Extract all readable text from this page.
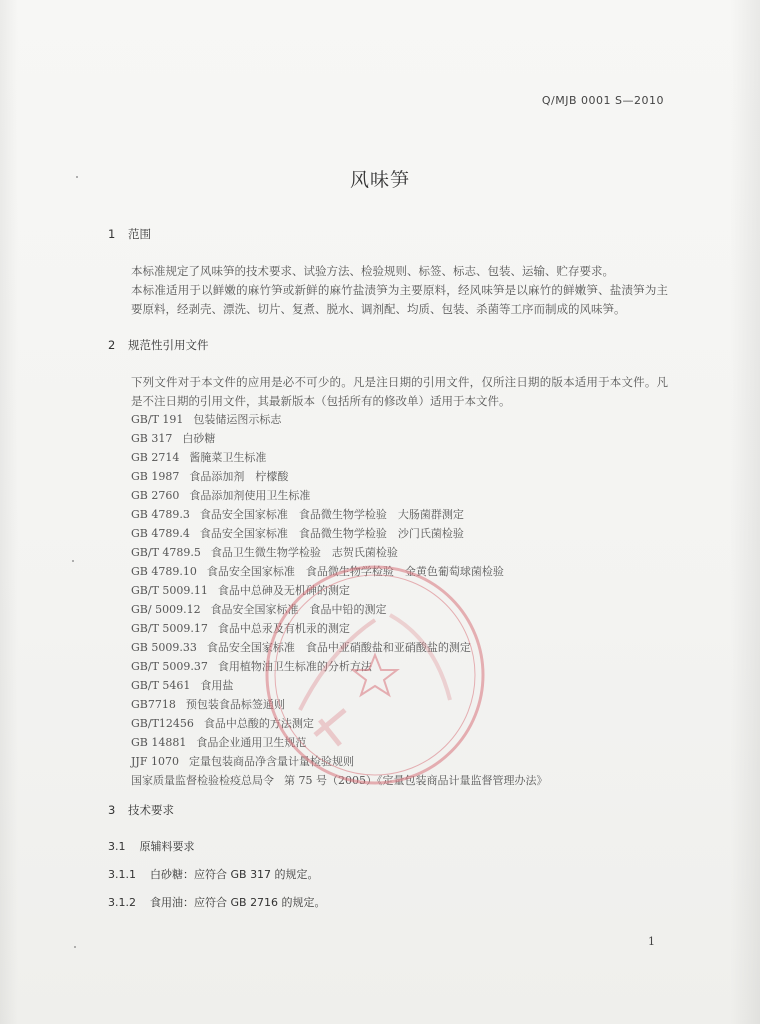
Q/MJB 0001 S—2010
风味笋
1 范围
本标准规定了风味笋的技术要求、试验方法、检验规则、标签、标志、包装、运输、贮存要求。
本标准适用于以鲜嫩的麻竹笋或新鲜的麻竹盐渍笋为主要原料，经风味笋是以麻竹的鲜嫩笋、盐渍笋为主要原料，经剥壳、漂洗、切片、复煮、脱水、调剂配、均质、包装、杀菌等工序而制成的风味笋。
2 规范性引用文件
下列文件对于本文件的应用是必不可少的。凡是注日期的引用文件，仅所注日期的版本适用于本文件。凡是不注日期的引用文件，其最新版本（包括所有的修改单）适用于本文件。
GB/T 191 包装储运图示标志
GB 317 白砂糖
GB 2714 酱腌菜卫生标准
GB 1987 食品添加剂　柠檬酸
GB 2760 食品添加剂使用卫生标准
GB 4789.3 食品安全国家标准　食品微生物学检验　大肠菌群测定
GB 4789.4 食品安全国家标准　食品微生物学检验　沙门氏菌检验
GB/T 4789.5 食品卫生微生物学检验　志贺氏菌检验
GB 4789.10 食品安全国家标准　食品微生物学检验　金黄色葡萄球菌检验
GB/T 5009.11 食品中总砷及无机砷的测定
GB/ 5009.12 食品安全国家标准　食品中铅的测定
GB/T 5009.17 食品中总汞及有机汞的测定
GB 5009.33 食品安全国家标准　食品中亚硝酸盐和亚硝酸盐的测定
GB/T 5009.37 食用植物油卫生标准的分析方法
GB/T 5461 食用盐
GB7718 预包装食品标签通则
GB/T12456 食品中总酸的方法测定
GB 14881 食品企业通用卫生规范
JJF 1070 定量包装商品净含量计量检验规则
国家质量监督检验检疫总局令 第 75 号（2005）《定量包装商品计量监督管理办法》
3 技术要求
3.1 原辅料要求
3.1.1 白砂糖：应符合 GB 317 的规定。
3.1.2 食用油：应符合 GB 2716 的规定。
1
